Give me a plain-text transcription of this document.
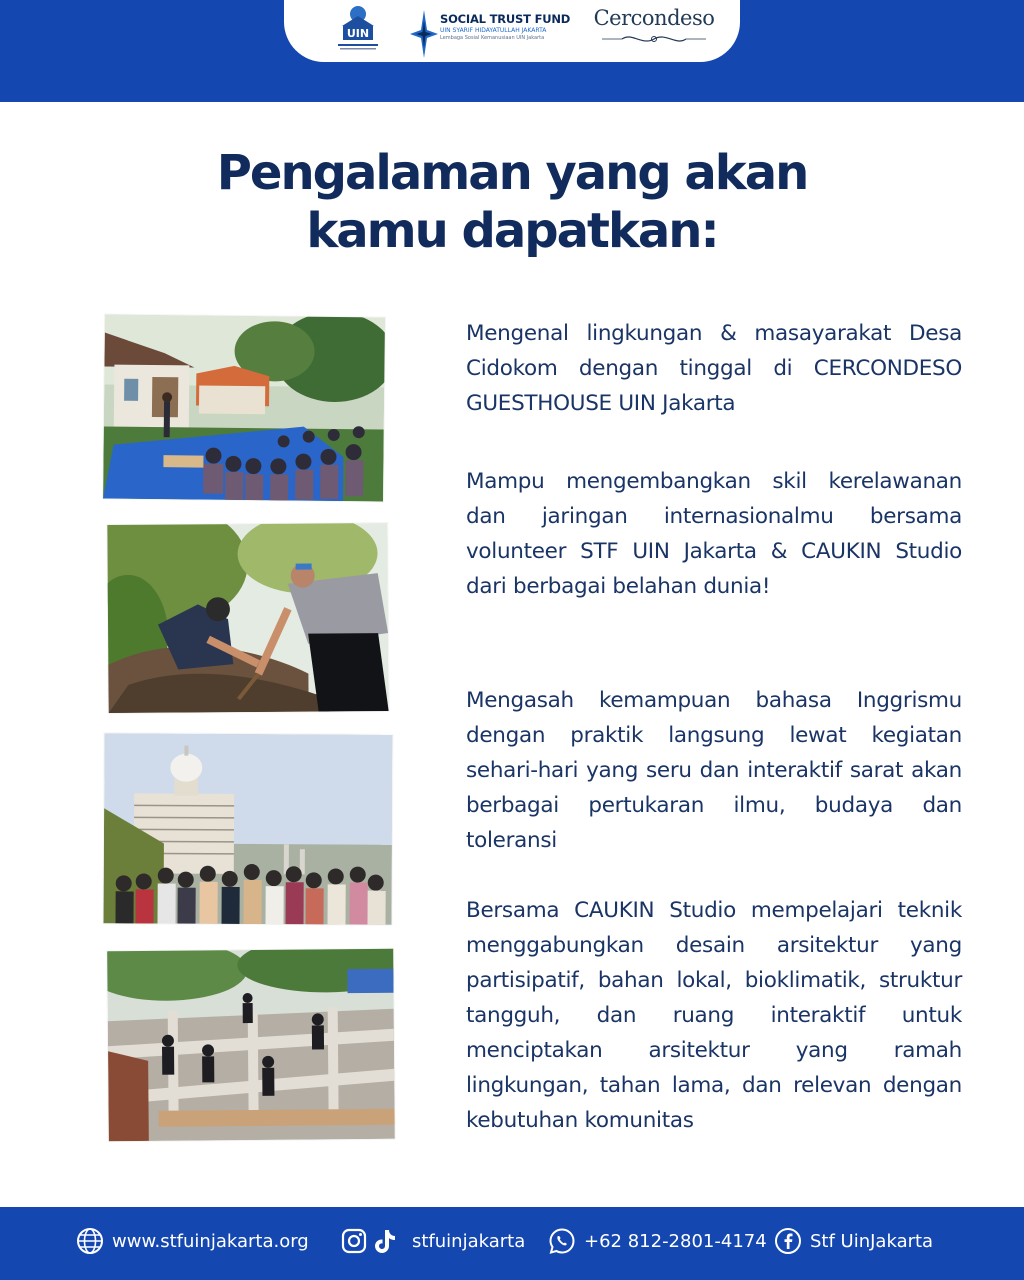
UIN
SOCIAL TRUST FUND
UIN SYARIF HIDAYATULLAH JAKARTA
Lembaga Sosial Kemanusiaan UIN Jakarta
Cercondeso
Pengalaman yang akan
kamu dapatkan:
Mengenal lingkungan & masayarakat Desa Cidokom dengan tinggal di CERCONDESO GUESTHOUSE UIN Jakarta
Mampu mengembangkan skil kerelawanan dan jaringan internasionalmu bersama volunteer STF UIN Jakarta & CAUKIN Studio dari berbagai belahan dunia!
Mengasah kemampuan bahasa Inggrismu dengan praktik langsung lewat kegiatan sehari-hari yang seru dan interaktif sarat akan berbagai pertukaran ilmu, budaya dan toleransi
Bersama CAUKIN Studio mempelajari teknik menggabungkan desain arsitektur yang partisipatif, bahan lokal, bioklimatik, struktur tangguh, dan ruang interaktif untuk menciptakan arsitektur yang ramah lingkungan, tahan lama, dan relevan dengan kebutuhan komunitas
www.stfuinjakarta.org	stfuinjakarta	+62 812-2801-4174 Stf UinJakarta
